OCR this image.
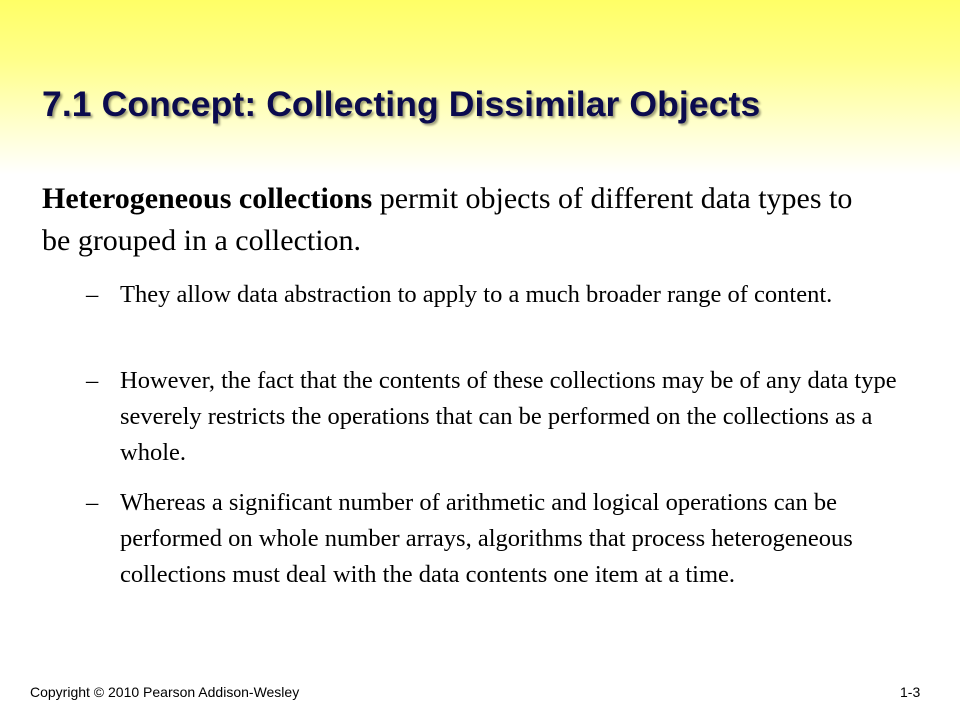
7.1 Concept: Collecting Dissimilar Objects
Heterogeneous collections permit objects of different data types to be grouped in a collection.
– They allow data abstraction to apply to a much broader range of content.
– However, the fact that the contents of these collections may be of any data type severely restricts the operations that can be performed on the collections as a whole.
– Whereas a significant number of arithmetic and logical operations can be performed on whole number arrays, algorithms that process heterogeneous collections must deal with the data contents one item at a time.
Copyright © 2010 Pearson Addison-Wesley	1-3
